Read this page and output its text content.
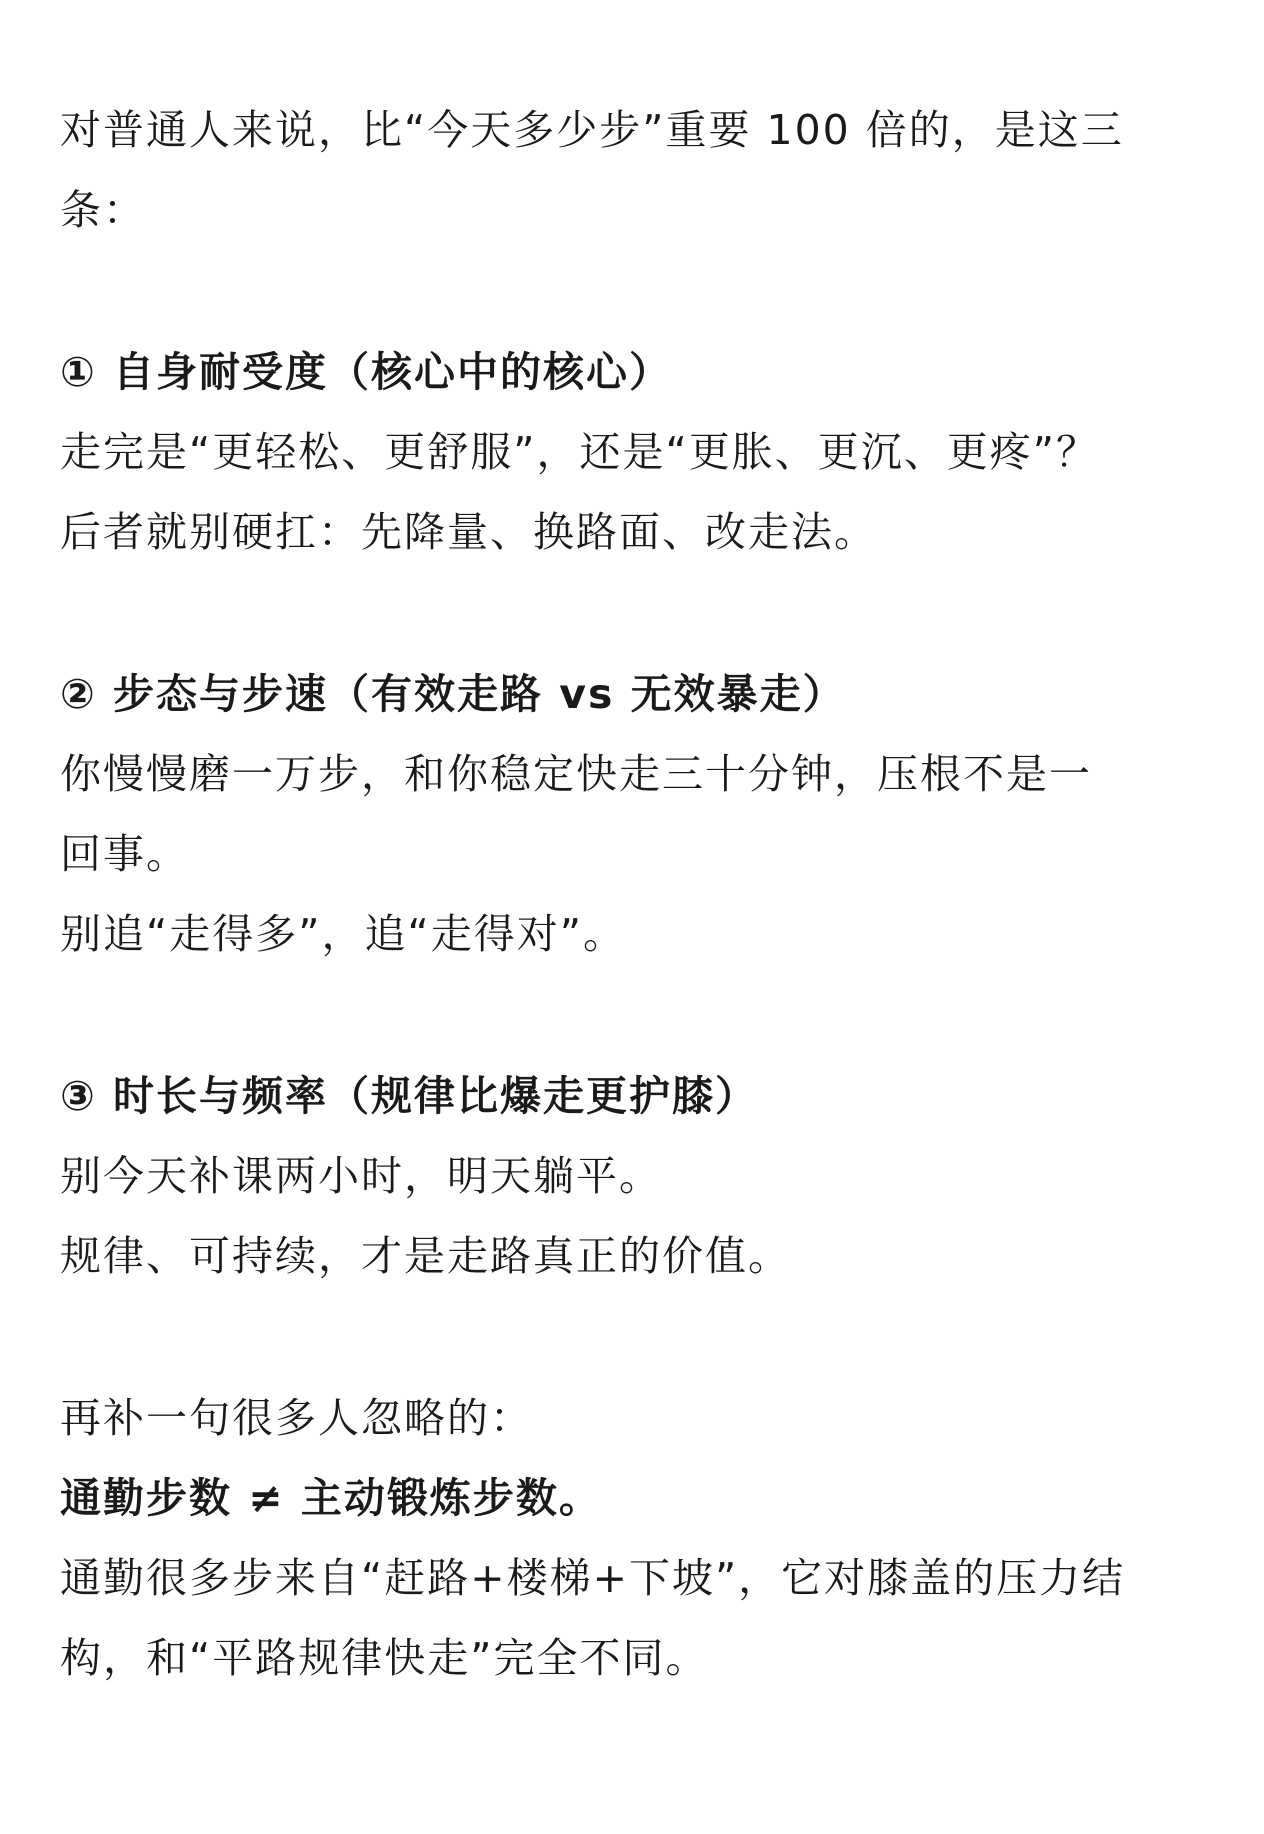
对普通人来说，比“今天多少步”重要 100 倍的，是这三

条：

① 自身耐受度（核心中的核心）

走完是“更轻松、更舒服”，还是“更胀、更沉、更疼”？

后者就别硬扛：先降量、换路面、改走法。

② 步态与步速（有效走路 vs 无效暴走）

你慢慢磨一万步，和你稳定快走三十分钟，压根不是一

回事。

别追“走得多”，追“走得对”。

③ 时长与频率（规律比爆走更护膝）

别今天补课两小时，明天躺平。

规律、可持续，才是走路真正的价值。

再补一句很多人忽略的：

通勤步数 ≠ 主动锻炼步数。

通勤很多步来自“赶路+楼梯+下坡”，它对膝盖的压力结

构，和“平路规律快走”完全不同。
